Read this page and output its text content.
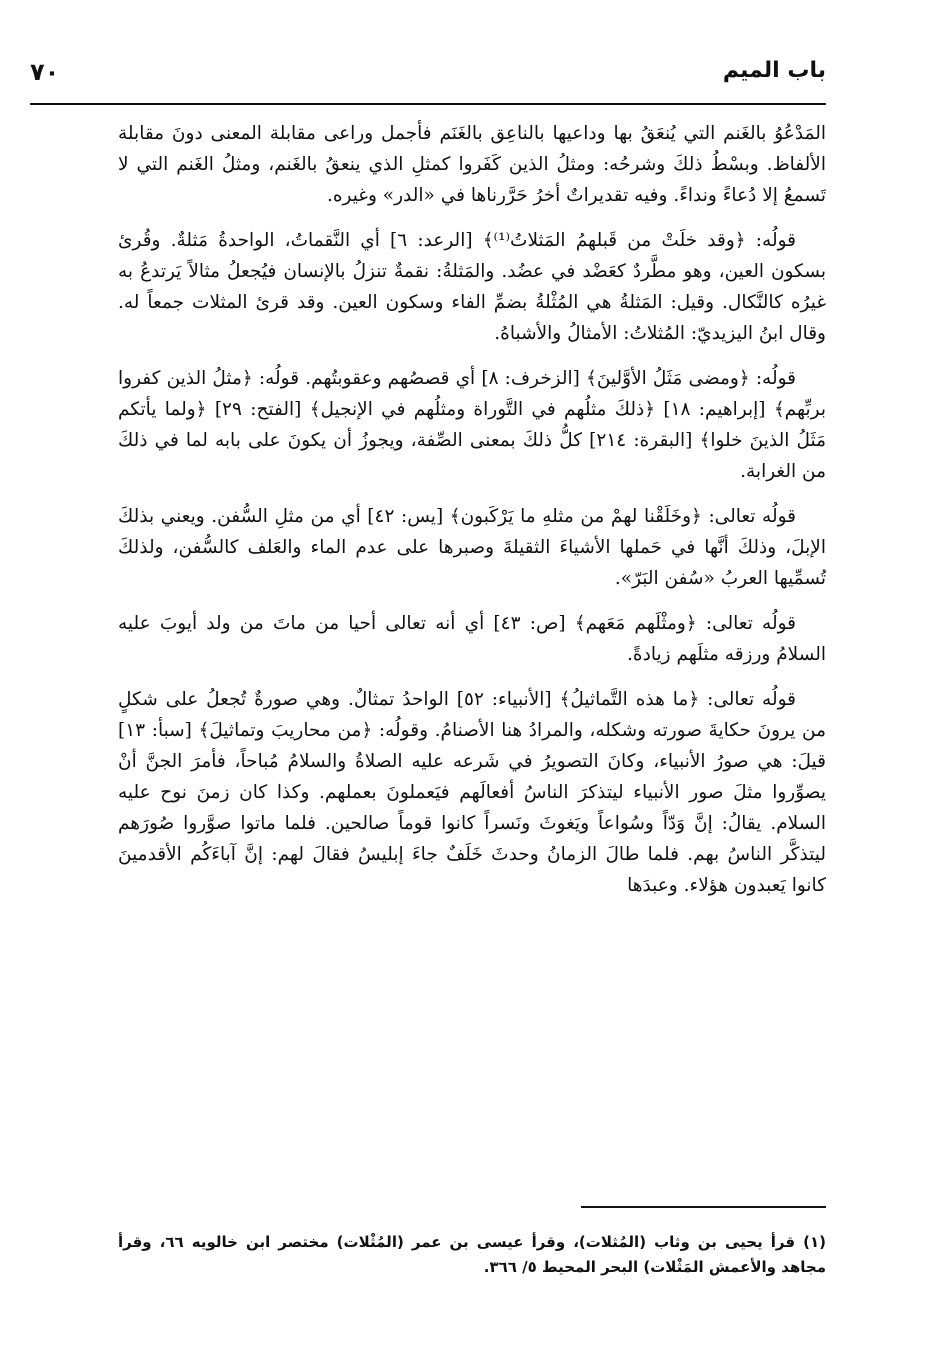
باب الميم
٧٠

المَدْعُوُ بالغَنم التي يُنعَقُ بها وداعيها بالناعِق بالغَنَم فأجمل وراعى مقابلة المعنى دونَ مقابلة الألفاظ. وبسْطُ ذلكَ وشرحُه: ومثلُ الذين كَفَروا كمثلِ الذي ينعقُ بالغَنم، ومثلُ الغَنم التي لا تَسمعُ إلا دُعاءً ونداءً. وفيه تقديراتٌ أخرُ حَرَّرناها في «الدر» وغيره.

قولُه: ﴿وقد خلَتْ من قَبلهمُ المَثلاتُ⁽¹⁾﴾ [الرعد: ٦] أي النَّقماتُ، الواحدةُ مَثلةٌ. وقُرئ بسكون العين، وهو مطَّردٌ كعَضْد في عضُد. والمَثلةُ: نقمةٌ تنزلُ بالإنسان فيُجعلُ مثالاً يَرتدعُ به غيرُه كالنَّكال. وقيل: المَثلةُ هي المُثْلةُ بضمِّ الفاء وسكون العين. وقد قرئ المثلات جمعاً له. وقال ابنُ اليزيديّ: المُثلاتُ: الأمثالُ والأشباهُ.

قولُه: ﴿ومضى مَثَلُ الأوَّلينَ﴾ [الزخرف: ٨] أي قصصُهم وعقوبتُهم. قولُه: ﴿مثلُ الذين كفروا بربِّهم﴾ [إبراهيم: ١٨] ﴿ذلكَ مثلُهم في التَّوراة ومثلُهم في الإنجيل﴾ [الفتح: ٢٩] ﴿ولما يأتكم مَثَلُ الذينَ خلوا﴾ [البقرة: ٢١٤] كلُّ ذلكَ بمعنى الصِّفة، ويجوزُ أن يكونَ على بابه لما في ذلكَ من الغرابة.

قولُه تعالى: ﴿وخَلَقْنا لهمْ من مثلهِ ما يَرْكَبون﴾ [يس: ٤٢] أي من مثلِ السُّفن. ويعني بذلكَ الإبلَ، وذلكَ أنَّها في حَملها الأشياءَ الثقيلةَ وصبرها على عدم الماء والعَلف كالسُّفن، ولذلكَ تُسمِّيها العربُ «سُفن البَرّ».

قولُه تعالى: ﴿ومثْلَهم مَعَهم﴾ [ص: ٤٣] أي أنه تعالى أحيا من ماتَ من ولد أيوبَ عليه السلامُ ورزقه مثلَهم زيادةً.

قولُه تعالى: ﴿ما هذه التَّماثيلُ﴾ [الأنبياء: ٥٢] الواحدُ تمثالٌ. وهي صورةٌ تُجعلُ على شكلٍ من يرونَ حكايةَ صورته وشكله، والمرادُ هنا الأصنامُ. وقولُه: ﴿من محاريبَ وتماثيلَ﴾ [سبأ: ١٣] قيلَ: هي صورُ الأنبياء، وكانَ التصويرُ في شَرعه عليه الصلاةُ والسلامُ مُباحاً، فأمرَ الجنَّ أنْ يصوِّروا مثلَ صور الأنبياء ليتذكرَ الناسُ أفعالَهم فيَعملونَ بعملهم. وكذا كان زمنَ نوح عليه السلام. يقالُ: إنَّ وَدّاً وسُواعاً ويَغوثَ ونَسراً كانوا قوماً صالحين. فلما ماتوا صوَّروا صُورَهم ليتذكَّر الناسُ بهم. فلما طالَ الزمانُ وحدثَ خَلَفٌ جاءَ إبليسُ فقالَ لهم: إنَّ آباءَكُم الأقدمينَ كانوا يَعبدون هؤلاء. وعبدَها

(١) قرأ يحيى بن وثاب (المُثلات)، وقرأ عيسى بن عمر (المُثْلات) مختصر ابن خالويه ٦٦، وقرأ مجاهد والأعمش المَثْلات) البحر المحيط ٥/ ٣٦٦.
